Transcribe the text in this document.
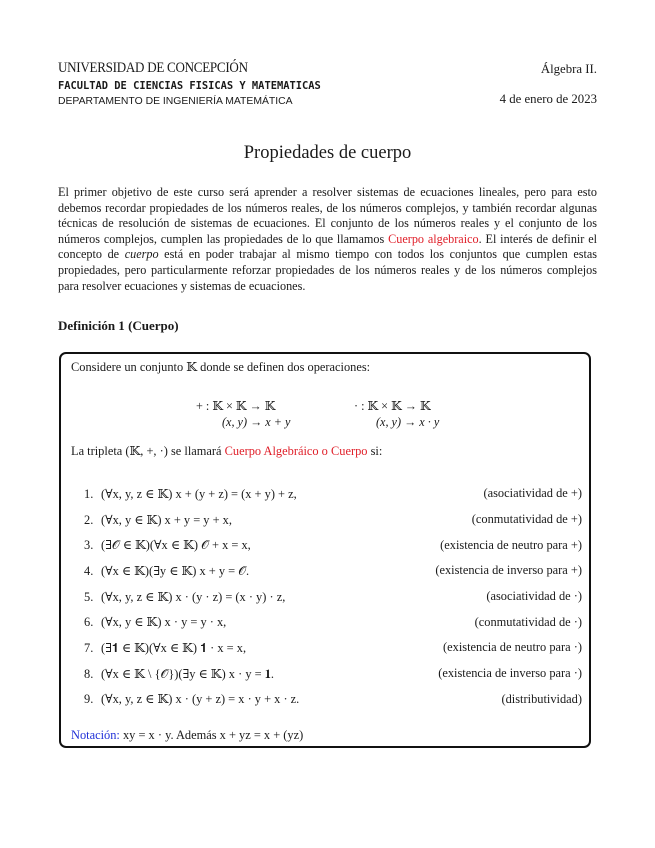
UNIVERSIDAD DE CONCEPCIÓN
FACULTAD DE CIENCIAS FISICAS Y MATEMATICAS
DEPARTAMENTO DE INGENIERÍA MATEMÁTICA
Álgebra II.
4 de enero de 2023
Propiedades de cuerpo
El primer objetivo de este curso será aprender a resolver sistemas de ecuaciones lineales, pero para esto debemos recordar propiedades de los números reales, de los números complejos, y también recordar algunas técnicas de resolución de sistemas de ecuaciones. El conjunto de los números reales y el conjunto de los números complejos, cumplen las propiedades de lo que llamamos Cuerpo algebraico. El interés de definir el concepto de cuerpo está en poder trabajar al mismo tiempo con todos los conjuntos que cumplen estas propiedades, pero particularmente reforzar propiedades de los números reales y de los números complejos para resolver ecuaciones y sistemas de ecuaciones.
Definición 1 (Cuerpo)
Considere un conjunto 𝕂 donde se definen dos operaciones:
+ : 𝕂 × 𝕂 → 𝕂
(x, y) → x + y
· : 𝕂 × 𝕂 → 𝕂
(x, y) → x · y
La tripleta (𝕂, +, ·) se llamará Cuerpo Algebráico o Cuerpo si:
1. (∀x, y, z ∈ 𝕂) x + (y + z) = (x + y) + z,	(asociatividad de +)
2. (∀x, y ∈ 𝕂) x + y = y + x,	(conmutatividad de +)
3. (∃𝒪 ∈ 𝕂)(∀x ∈ 𝕂) 𝒪 + x = x,	(existencia de neutro para +)
4. (∀x ∈ 𝕂)(∃y ∈ 𝕂) x + y = 𝒪.	(existencia de inverso para +)
5. (∀x, y, z ∈ 𝕂) x · (y · z) = (x · y) · z,	(asociatividad de ·)
6. (∀x, y ∈ 𝕂) x · y = y · x,	(conmutatividad de ·)
7. (∃𝟏 ∈ 𝕂)(∀x ∈ 𝕂) 𝟏 · x = x,	(existencia de neutro para ·)
8. (∀x ∈ 𝕂 \ {𝒪})(∃y ∈ 𝕂) x · y = 𝟏.	(existencia de inverso para ·)
9. (∀x, y, z ∈ 𝕂) x · (y + z) = x · y + x · z.	(distributividad)
Notación: xy = x · y. Además x + yz = x + (yz)
